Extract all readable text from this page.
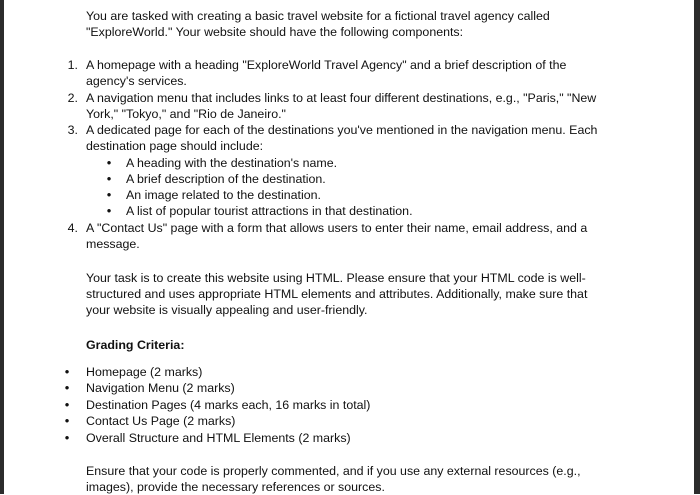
You are tasked with creating a basic travel website for a fictional travel agency called

"ExploreWorld." Your website should have the following components:

1. A homepage with a heading "ExploreWorld Travel Agency" and a brief description of the

agency's services.

2. A navigation menu that includes links to at least four different destinations, e.g., "Paris," "New

York," "Tokyo," and "Rio de Janeiro."

3. A dedicated page for each of the destinations you've mentioned in the navigation menu. Each

destination page should include:

• A heading with the destination's name.

• A brief description of the destination.

• An image related to the destination.

• A list of popular tourist attractions in that destination.

4. A "Contact Us" page with a form that allows users to enter their name, email address, and a

message.

Your task is to create this website using HTML. Please ensure that your HTML code is well-

structured and uses appropriate HTML elements and attributes. Additionally, make sure that

your website is visually appealing and user-friendly.

Grading Criteria:

• Homepage (2 marks)

• Navigation Menu (2 marks)

• Destination Pages (4 marks each, 16 marks in total)

• Contact Us Page (2 marks)

• Overall Structure and HTML Elements (2 marks)

Ensure that your code is properly commented, and if you use any external resources (e.g.,

images), provide the necessary references or sources.
